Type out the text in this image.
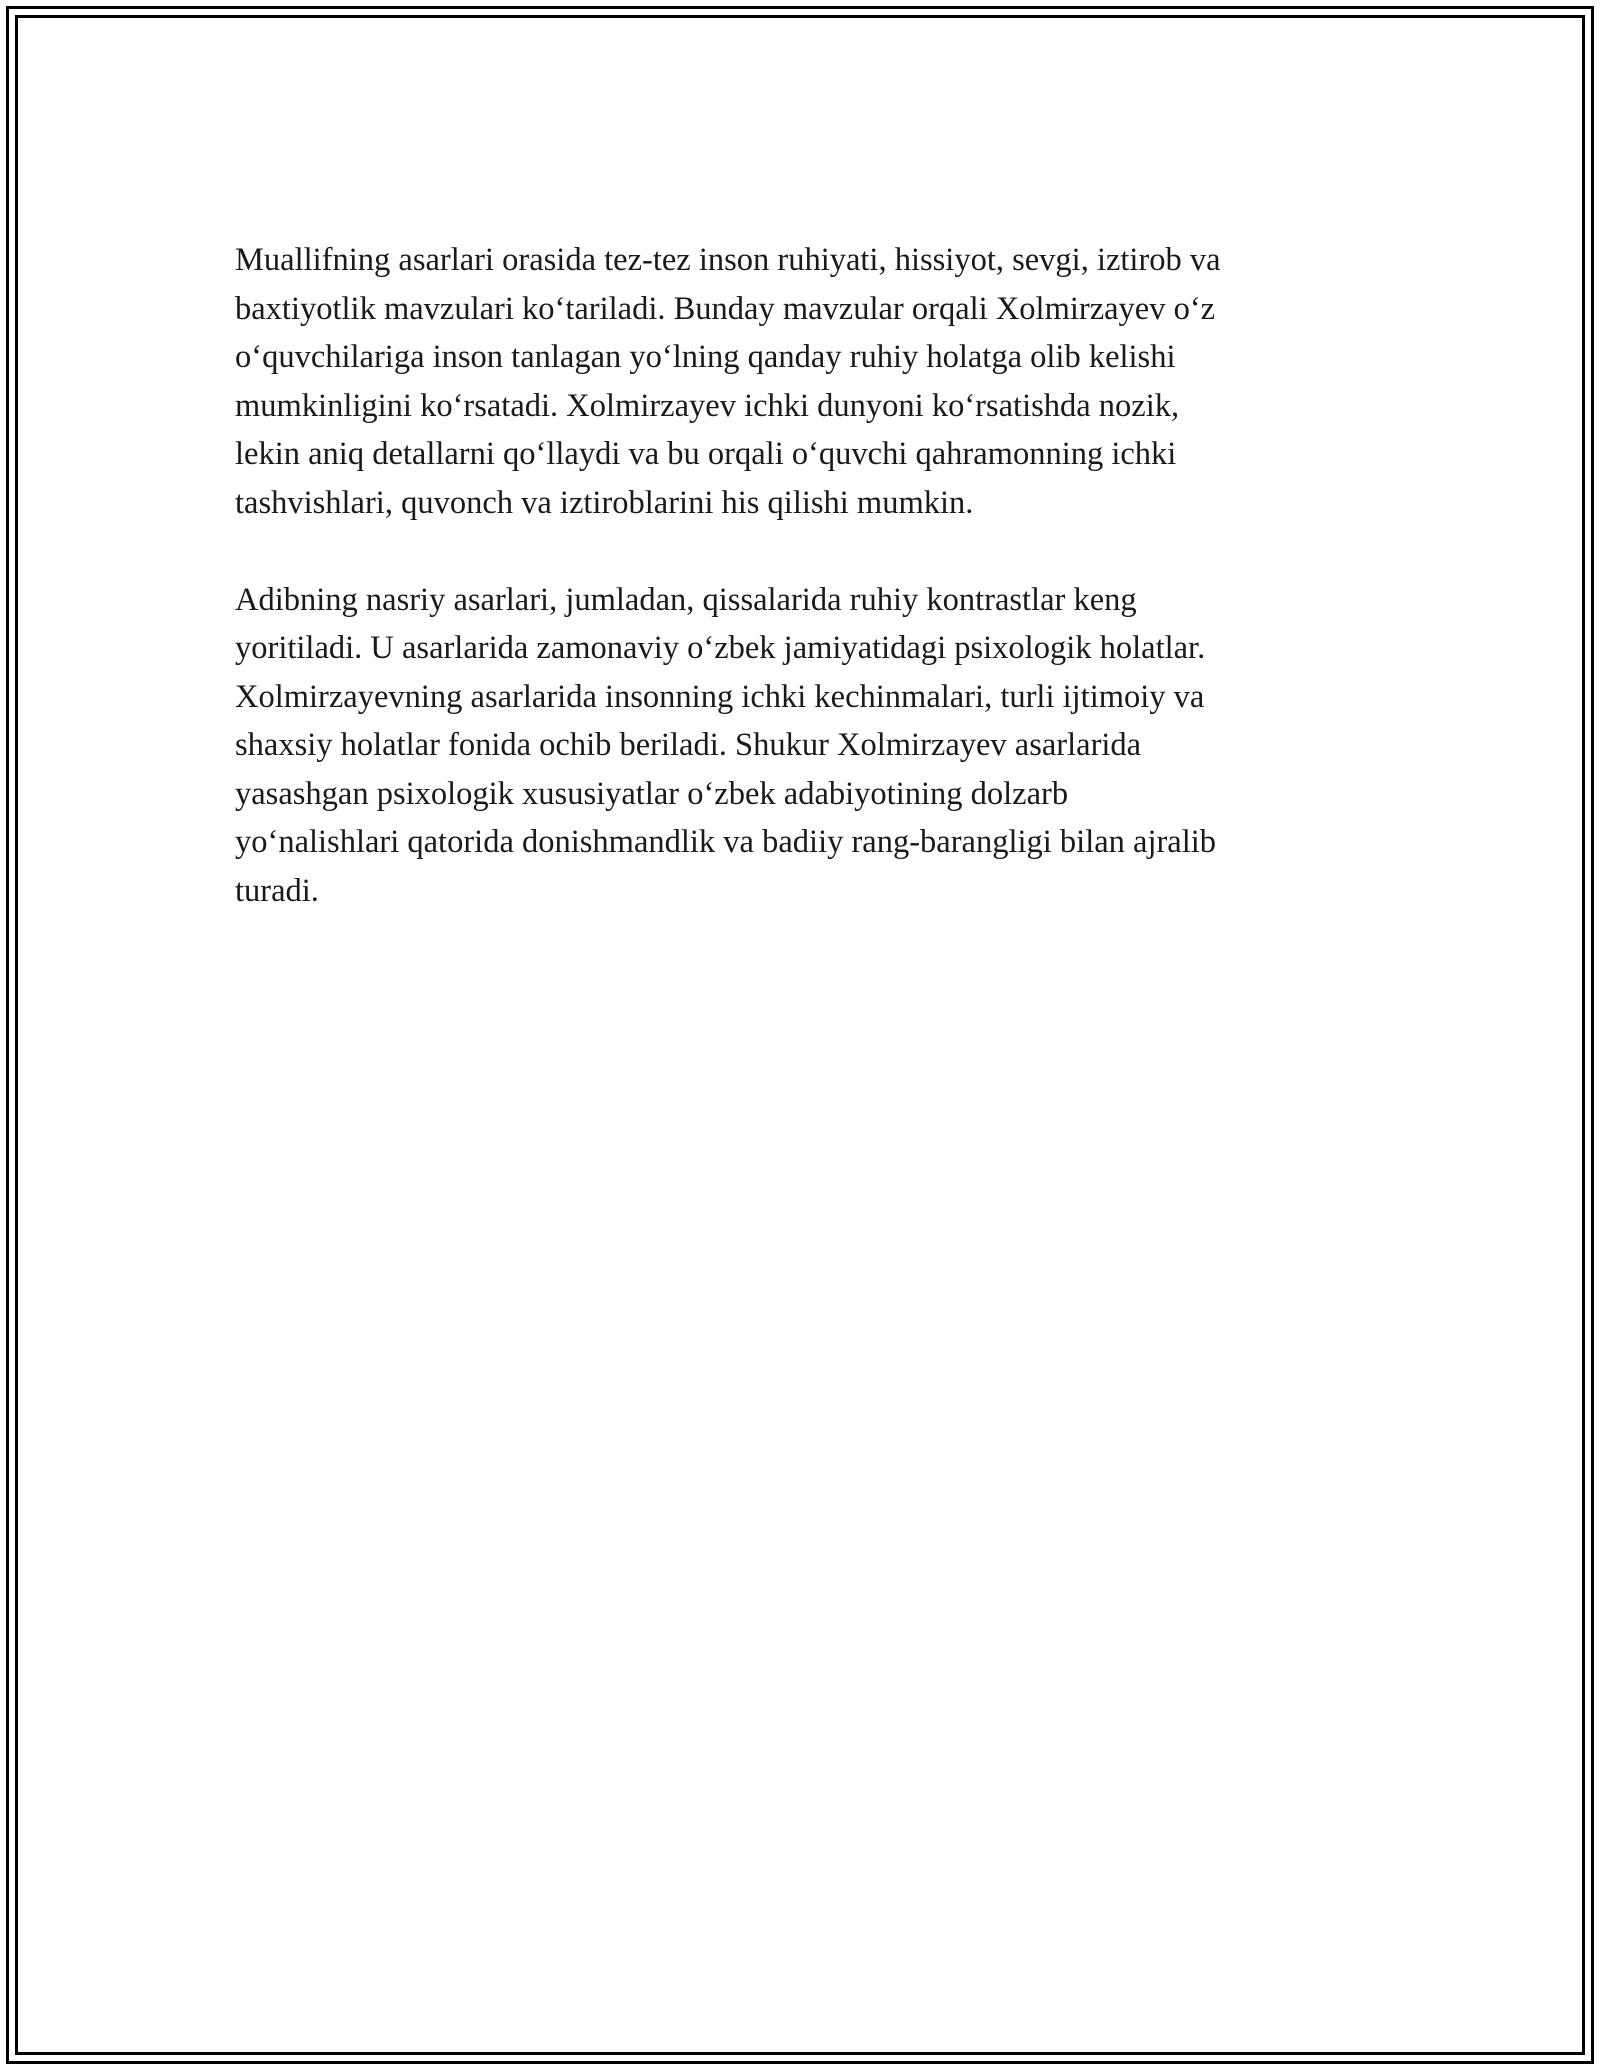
Muallifning asarlari orasida tez-tez inson ruhiyati, hissiyot, sevgi, iztirob va
baxtiyotlik mavzulari ko‘tariladi. Bunday mavzular orqali Xolmirzayev o‘z
o‘quvchilariga inson tanlagan yo‘lning qanday ruhiy holatga olib kelishi
mumkinligini ko‘rsatadi. Xolmirzayev ichki dunyoni ko‘rsatishda nozik,
lekin aniq detallarni qo‘llaydi va bu orqali o‘quvchi qahramonning ichki
tashvishlari, quvonch va iztiroblarini his qilishi mumkin.

Adibning nasriy asarlari, jumladan, qissalarida ruhiy kontrastlar keng
yoritiladi. U asarlarida zamonaviy o‘zbek jamiyatidagi psixologik holatlar.
Xolmirzayevning asarlarida insonning ichki kechinmalari, turli ijtimoiy va
shaxsiy holatlar fonida ochib beriladi. Shukur Xolmirzayev asarlarida
yasashgan psixologik xususiyatlar o‘zbek adabiyotining dolzarb
yo‘nalishlari qatorida donishmandlik va badiiy rang-barangligi bilan ajralib
turadi.
